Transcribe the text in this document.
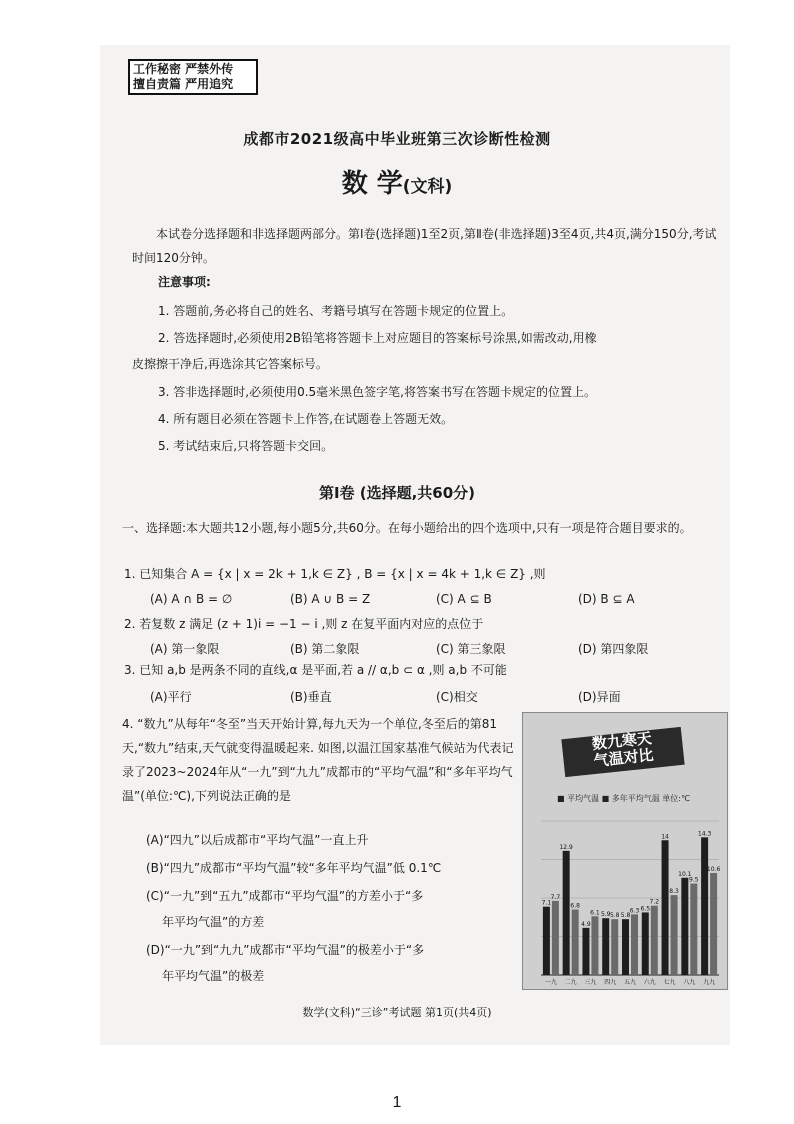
工作秘密 严禁外传
擅自责篇 严用追究
成都市2021级高中毕业班第三次诊断性检测
数 学(文科)
本试卷分选择题和非选择题两部分。第Ⅰ卷(选择题)1至2页,第Ⅱ卷(非选择题)3至4页,共4页,满分150分,考试时间120分钟。
注意事项:
1. 答题前,务必将自己的姓名、考籍号填写在答题卡规定的位置上。
2. 答选择题时,必须使用2B铅笔将答题卡上对应题目的答案标号涂黑,如需改动,用橡
皮擦擦干净后,再选涂其它答案标号。
3. 答非选择题时,必须使用0.5毫米黑色签字笔,将答案书写在答题卡规定的位置上。
4. 所有题目必须在答题卡上作答,在试题卷上答题无效。
5. 考试结束后,只将答题卡交回。
第Ⅰ卷 (选择题,共60分)
一、选择题:本大题共12小题,每小题5分,共60分。在每小题给出的四个选项中,只有一项是符合题目要求的。
1. 已知集合 A = {x | x = 2k + 1,k ∈ Z} , B = {x | x = 4k + 1,k ∈ Z} ,则
(A) A ∩ B = ∅	(B) A ∪ B = Z	(C) A ⊆ B	(D) B ⊆ A
2. 若复数 z 满足 (z + 1)i = −1 − i ,则 z 在复平面内对应的点位于
(A) 第一象限	(B) 第二象限	(C) 第三象限	(D) 第四象限
3. 已知 a,b 是两条不同的直线,α 是平面,若 a // α,b ⊂ α ,则 a,b 不可能
(A)平行	(B)垂直	(C)相交	(D)异面
4. “数九”从每年“冬至”当天开始计算,每九天为一个单位,冬至后的第81天,“数九”结束,天气就变得温暖起来. 如图,以温江国家基准气候站为代表记录了2023~2024年从“一九”到“九九”成都市的“平均气温”和“多年平均气温”(单位:℃),下列说法正确的是
(A)“四九”以后成都市“平均气温”一直上升
(B)“四九”成都市“平均气温”较“多年平均气温”低 0.1℃
(C)“一九”到“五九”成都市“平均气温”的方差小于“多
年平均气温”的方差
(D)“一九”到“九九”成都市“平均气温”的极差小于“多
年平均气温”的极差
数九寒天
气温对比
■ 平均气温 ■ 多年平均气温 单位:℃
7.1
7.7
一九
12.9
6.8
二九
4.9
6.1
三九
5.9 5.8
四九
5.8
6.3
五九
6.5
7.2
六九
14
8.3
七九
10.1
9.5
八九
14.3
10.6
九九
数学(文科)“三诊”考试题 第1页(共4页)
1
